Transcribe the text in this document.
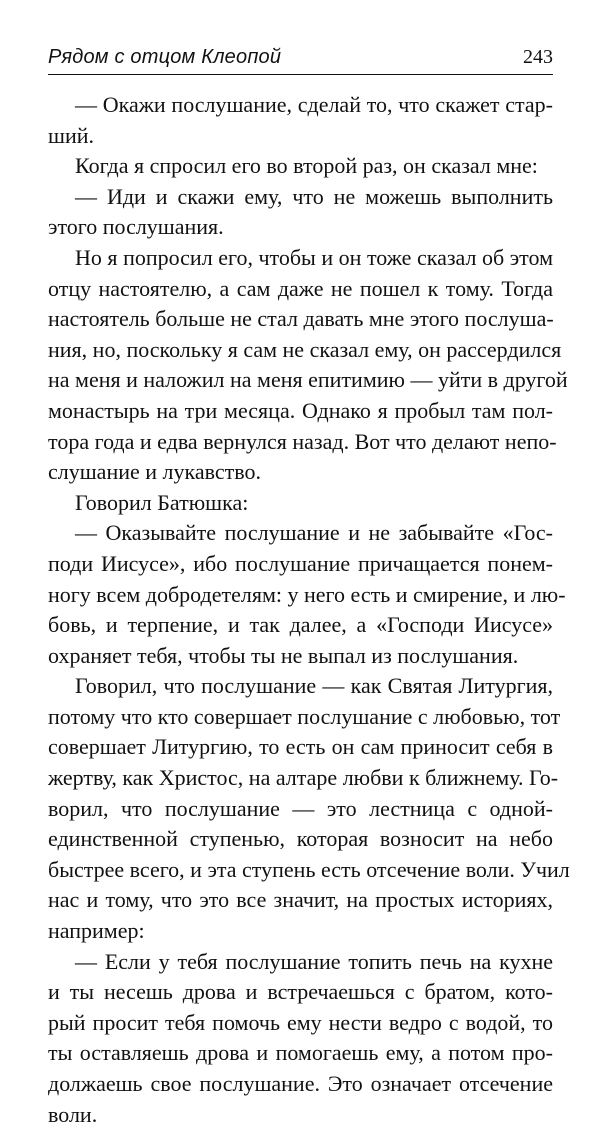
Рядом с отцом Клеопой	243
— Окажи послушание, сделай то, что скажет стар-
ший.
Когда я спросил его во второй раз, он сказал мне:
— Иди и скажи ему, что не можешь выполнить
этого послушания.
Но я попросил его, чтобы и он тоже сказал об этом
отцу настоятелю, а сам даже не пошел к тому. Тогда
настоятель больше не стал давать мне этого послуша-
ния, но, поскольку я сам не сказал ему, он рассердился
на меня и наложил на меня епитимию — уйти в другой
монастырь на три месяца. Однако я пробыл там пол-
тора года и едва вернулся назад. Вот что делают непо-
слушание и лукавство.
Говорил Батюшка:
— Оказывайте послушание и не забывайте «Гос-
поди Иисусе», ибо послушание причащается понем-
ногу всем добродетелям: у него есть и смирение, и лю-
бовь, и терпение, и так далее, а «Господи Иисусе»
охраняет тебя, чтобы ты не выпал из послушания.
Говорил, что послушание — как Святая Литургия,
потому что кто совершает послушание с любовью, тот
совершает Литургию, то есть он сам приносит себя в
жертву, как Христос, на алтаре любви к ближнему. Го-
ворил, что послушание — это лестница с одной-
единственной ступенью, которая возносит на небо
быстрее всего, и эта ступень есть отсечение воли. Учил
нас и тому, что это все значит, на простых историях,
например:
— Если у тебя послушание топить печь на кухне
и ты несешь дрова и встречаешься с братом, кото-
рый просит тебя помочь ему нести ведро с водой, то
ты оставляешь дрова и помогаешь ему, а потом про-
должаешь свое послушание. Это означает отсечение
воли.
